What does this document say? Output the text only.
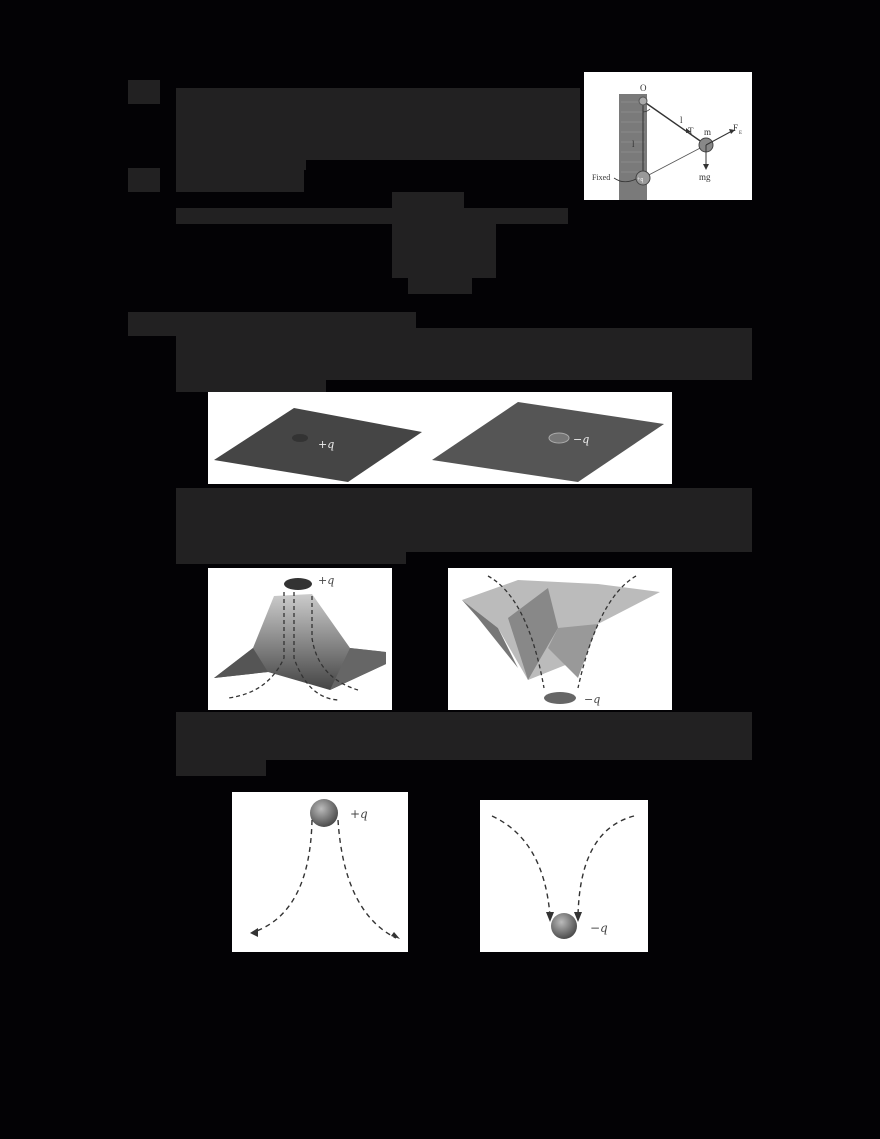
O
l
T m F
E
mg
l
Fixed	+q
+q	−q
+q
−q
+q
−q
